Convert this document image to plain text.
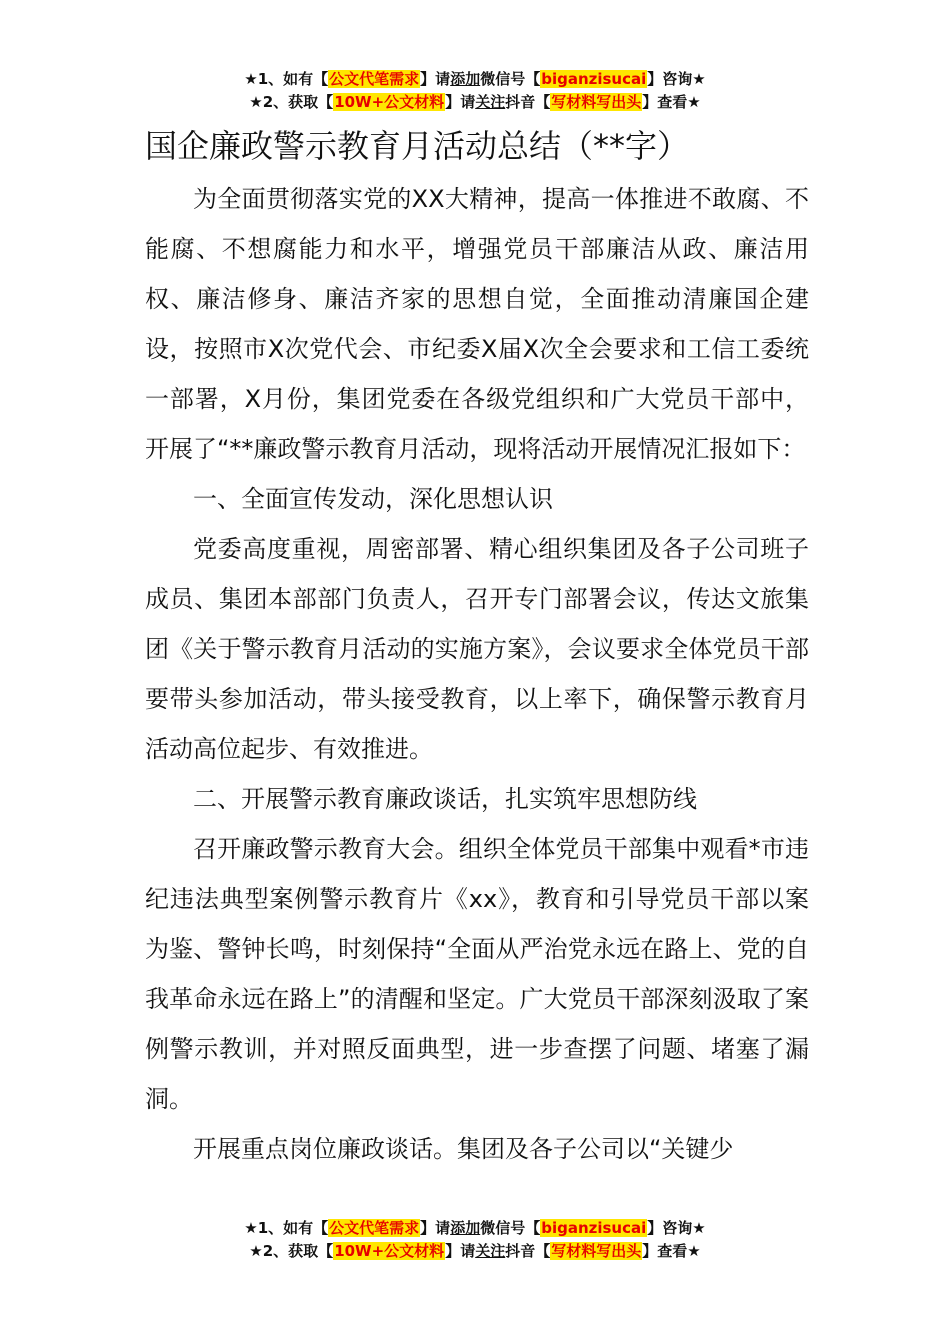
★1、如有【公文代笔需求】请添加微信号【biganzisucai】咨询★
★2、获取【10W+公文材料】请关注抖音【写材料写出头】查看★
国企廉政警示教育月活动总结（**字）

为全面贯彻落实党的XX大精神，提高一体推进不敢腐、不能腐、不想腐能力和水平，增强党员干部廉洁从政、廉洁用权、廉洁修身、廉洁齐家的思想自觉，全面推动清廉国企建设，按照市X次党代会、市纪委X届X次全会要求和工信工委统一部署，X月份，集团党委在各级党组织和广大党员干部中，开展了“**廉政警示教育月活动，现将活动开展情况汇报如下：

一、全面宣传发动，深化思想认识

党委高度重视，周密部署、精心组织集团及各子公司班子成员、集团本部部门负责人，召开专门部署会议，传达文旅集团《关于警示教育月活动的实施方案》，会议要求全体党员干部要带头参加活动，带头接受教育，以上率下，确保警示教育月活动高位起步、有效推进。

二、开展警示教育廉政谈话，扎实筑牢思想防线

召开廉政警示教育大会。组织全体党员干部集中观看*市违纪违法典型案例警示教育片《xx》，教育和引导党员干部以案为鉴、警钟长鸣，时刻保持“全面从严治党永远在路上、党的自我革命永远在路上”的清醒和坚定。广大党员干部深刻汲取了案例警示教训，并对照反面典型，进一步查摆了问题、堵塞了漏洞。

开展重点岗位廉政谈话。集团及各子公司以“关键少

★1、如有【公文代笔需求】请添加微信号【biganzisucai】咨询★
★2、获取【10W+公文材料】请关注抖音【写材料写出头】查看★
